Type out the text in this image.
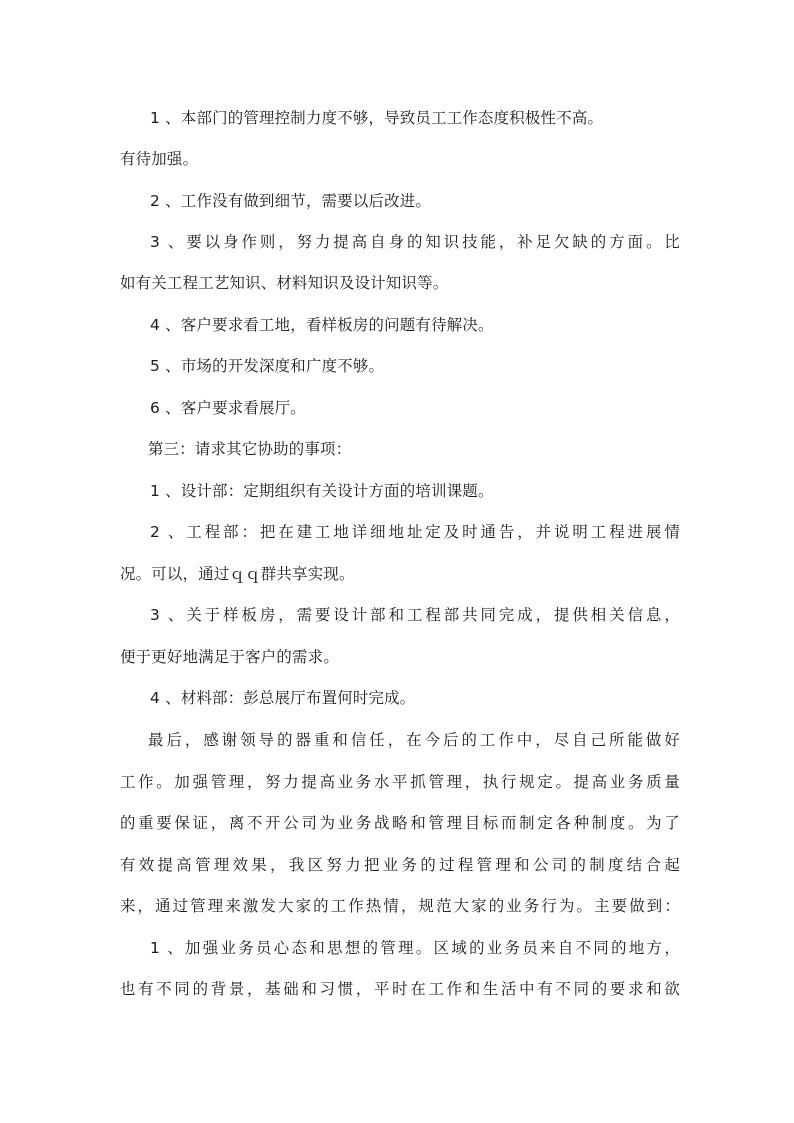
1 、本部门的管理控制力度不够，导致员工工作态度积极性不高。
有待加强。
2 、工作没有做到细节，需要以后改进。
3 、要以身作则，努力提高自身的知识技能，补足欠缺的方面。比
如有关工程工艺知识、材料知识及设计知识等。
4 、客户要求看工地，看样板房的问题有待解决。
5 、市场的开发深度和广度不够。
6 、客户要求看展厅。
第三：请求其它协助的事项：
1 、设计部：定期组织有关设计方面的培训课题。
2 、工程部：把在建工地详细地址定及时通告，并说明工程进展情
况。可以，通过ｑｑ群共享实现。
3 、关于样板房，需要设计部和工程部共同完成，提供相关信息，
便于更好地满足于客户的需求。
4 、材料部：彭总展厅布置何时完成。
最后，感谢领导的器重和信任，在今后的工作中，尽自己所能做好
工作。加强管理，努力提高业务水平抓管理，执行规定。提高业务质量
的重要保证，离不开公司为业务战略和管理目标而制定各种制度。为了
有效提高管理效果，我区努力把业务的过程管理和公司的制度结合起
来，通过管理来激发大家的工作热情，规范大家的业务行为。主要做到：
1 、加强业务员心态和思想的管理。区域的业务员来自不同的地方，
也有不同的背景，基础和习惯，平时在工作和生活中有不同的要求和欲
